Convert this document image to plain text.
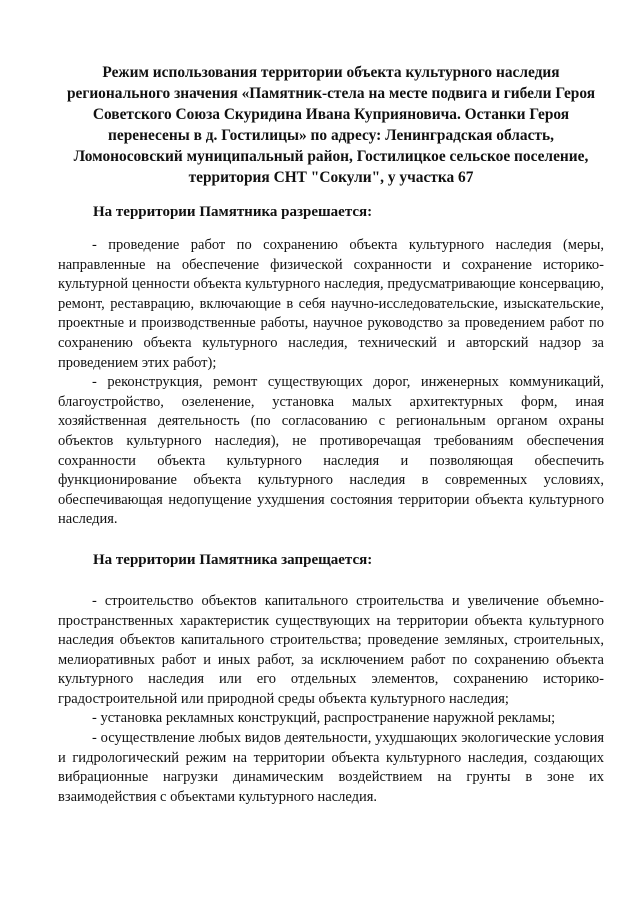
Режим использования территории объекта культурного наследия регионального значения «Памятник-стела на месте подвига и гибели Героя Советского Союза Скуридина Ивана Куприяновича. Останки Героя перенесены в д. Гостилицы» по адресу: Ленинградская область, Ломоносовский муниципальный район, Гостилицкое сельское поселение, территория СНТ "Сокули", у участка 67
На территории Памятника разрешается:

- проведение работ по сохранению объекта культурного наследия (меры, направленные на обеспечение физической сохранности и сохранение историко-культурной ценности объекта культурного наследия, предусматривающие консервацию, ремонт, реставрацию, включающие в себя научно-исследовательские, изыскательские, проектные и производственные работы, научное руководство за проведением работ по сохранению объекта культурного наследия, технический и авторский надзор за проведением этих работ);

- реконструкция, ремонт существующих дорог, инженерных коммуникаций, благоустройство, озеленение, установка малых архитектурных форм, иная хозяйственная деятельность (по согласованию с региональным органом охраны объектов культурного наследия), не противоречащая требованиям обеспечения сохранности объекта культурного наследия и позволяющая обеспечить функционирование объекта культурного наследия в современных условиях, обеспечивающая недопущение ухудшения состояния территории объекта культурного наследия.

На территории Памятника запрещается:

- строительство объектов капитального строительства и увеличение объемно-пространственных характеристик существующих на территории объекта культурного наследия объектов капитального строительства; проведение земляных, строительных, мелиоративных работ и иных работ, за исключением работ по сохранению объекта культурного наследия или его отдельных элементов, сохранению историко-градостроительной или природной среды объекта культурного наследия;

- установка рекламных конструкций, распространение наружной рекламы;

- осуществление любых видов деятельности, ухудшающих экологические условия и гидрологический режим на территории объекта культурного наследия, создающих вибрационные нагрузки динамическим воздействием на грунты в зоне их взаимодействия с объектами культурного наследия.
